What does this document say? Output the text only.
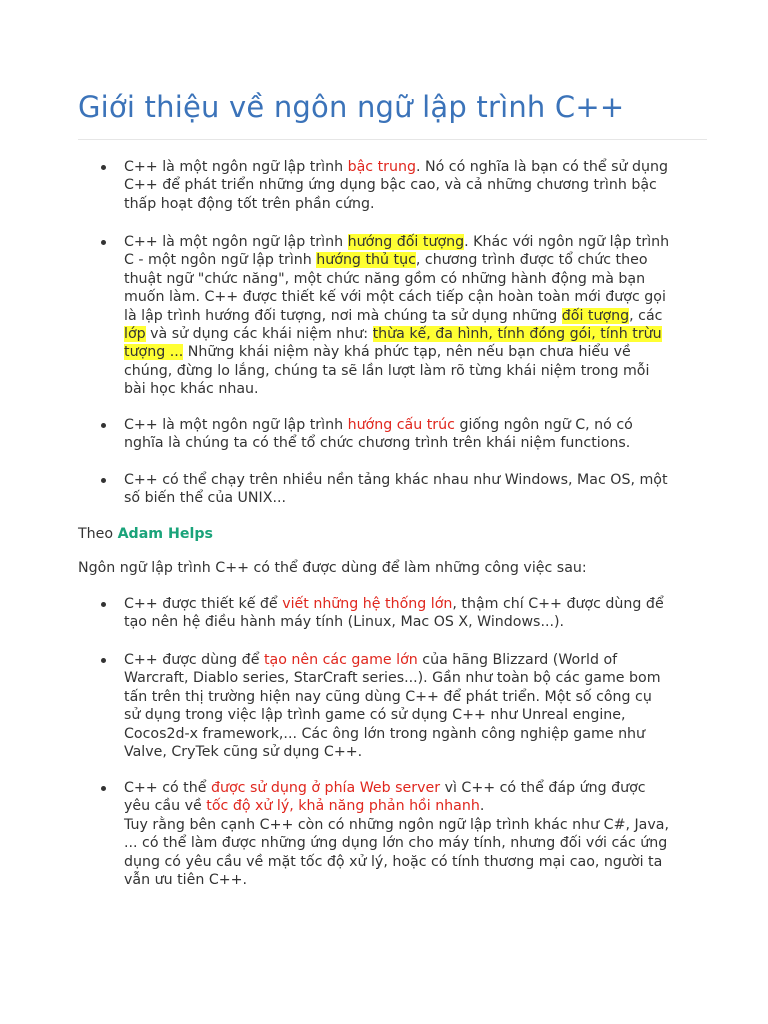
Giới thiệu về ngôn ngữ lập trình C++
C++ là một ngôn ngữ lập trình bậc trung. Nó có nghĩa là bạn có thể sử dụng
C++ để phát triển những ứng dụng bậc cao, và cả những chương trình bậc
thấp hoạt động tốt trên phần cứng.
C++ là một ngôn ngữ lập trình hướng đối tượng. Khác với ngôn ngữ lập trình
C - một ngôn ngữ lập trình hướng thủ tục, chương trình được tổ chức theo
thuật ngữ "chức năng", một chức năng gồm có những hành động mà bạn
muốn làm. C++ được thiết kế với một cách tiếp cận hoàn toàn mới được gọi
là lập trình hướng đối tượng, nơi mà chúng ta sử dụng những đối tượng, các
lớp và sử dụng các khái niệm như: thừa kế, đa hình, tính đóng gói, tính trừu
tượng ... Những khái niệm này khá phức tạp, nên nếu bạn chưa hiểu về
chúng, đừng lo lắng, chúng ta sẽ lần lượt làm rõ từng khái niệm trong mỗi
bài học khác nhau.
C++ là một ngôn ngữ lập trình hướng cấu trúc giống ngôn ngữ C, nó có
nghĩa là chúng ta có thể tổ chức chương trình trên khái niệm functions.
C++ có thể chạy trên nhiều nền tảng khác nhau như Windows, Mac OS, một
số biến thể của UNIX...
Theo Adam Helps
Ngôn ngữ lập trình C++ có thể được dùng để làm những công việc sau:
C++ được thiết kế để viết những hệ thống lớn, thậm chí C++ được dùng để
tạo nên hệ điều hành máy tính (Linux, Mac OS X, Windows...).
C++ được dùng để tạo nên các game lớn của hãng Blizzard (World of
Warcraft, Diablo series, StarCraft series...). Gần như toàn bộ các game bom
tấn trên thị trường hiện nay cũng dùng C++ để phát triển. Một số công cụ
sử dụng trong việc lập trình game có sử dụng C++ như Unreal engine,
Cocos2d-x framework,... Các ông lớn trong ngành công nghiệp game như
Valve, CryTek cũng sử dụng C++.
C++ có thể được sử dụng ở phía Web server vì C++ có thể đáp ứng được
yêu cầu về tốc độ xử lý, khả năng phản hồi nhanh.
Tuy rằng bên cạnh C++ còn có những ngôn ngữ lập trình khác như C#, Java,
... có thể làm được những ứng dụng lớn cho máy tính, nhưng đối với các ứng
dụng có yêu cầu về mặt tốc độ xử lý, hoặc có tính thương mại cao, người ta
vẫn ưu tiên C++.
